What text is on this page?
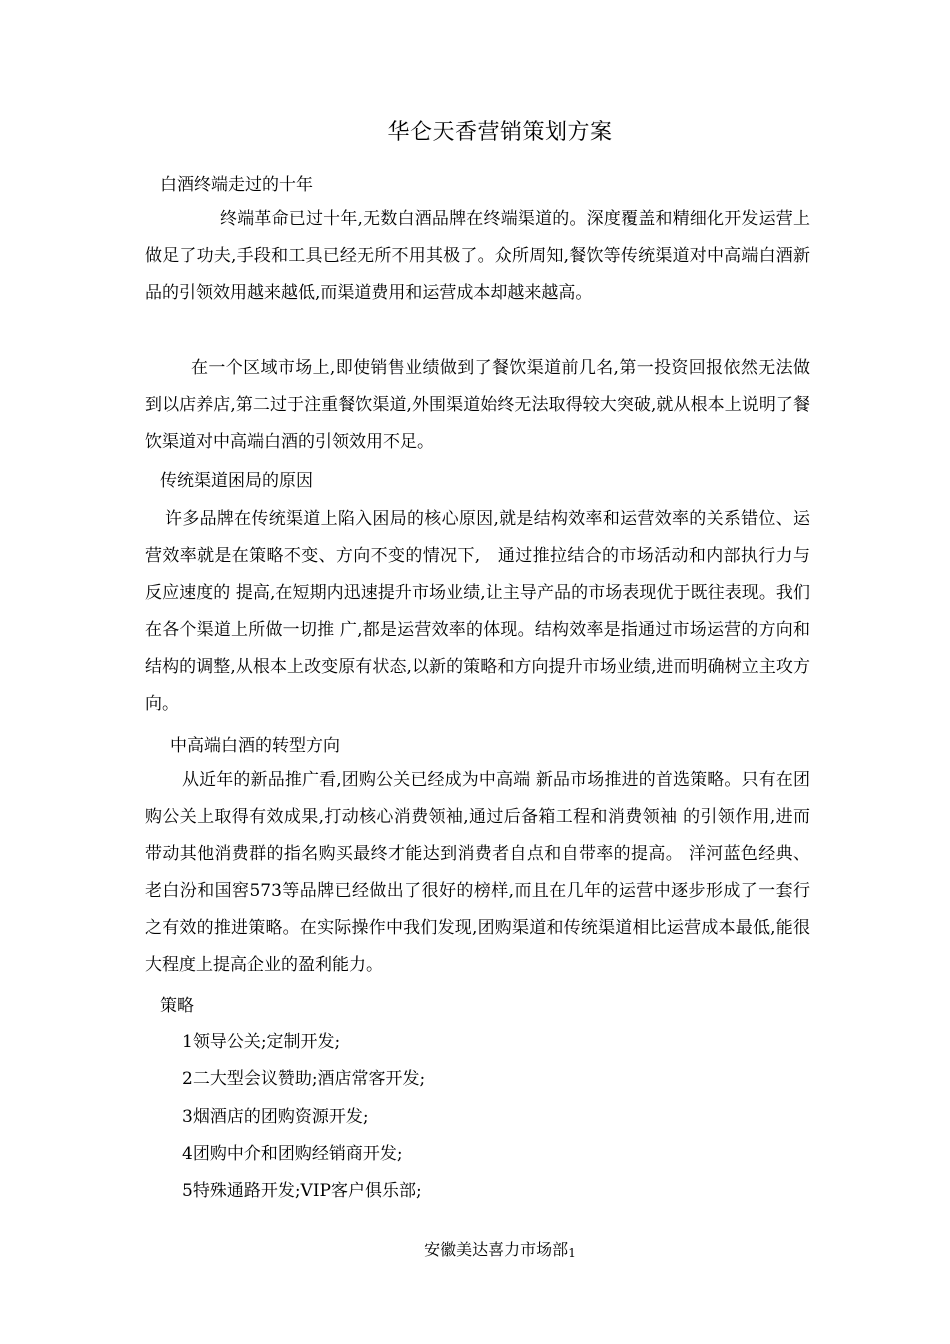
华仑天香营销策划方案
白酒终端走过的十年
终端革命已过十年,无数白酒品牌在终端渠道的。深度覆盖和精细化开发运营上做足了功夫,手段和工具已经无所不用其极了。众所周知,餐饮等传统渠道对中高端白酒新品的引领效用越来越低,而渠道费用和运营成本却越来越高。
在一个区域市场上,即使销售业绩做到了餐饮渠道前几名,第一投资回报依然无法做到以店养店,第二过于注重餐饮渠道,外围渠道始终无法取得较大突破,就从根本上说明了餐饮渠道对中高端白酒的引领效用不足。
传统渠道困局的原因
许多品牌在传统渠道上陷入困局的核心原因,就是结构效率和运营效率的关系错位、运营效率就是在策略不变、方向不变的情况下,　通过推拉结合的市场活动和内部执行力与反应速度的 提高,在短期内迅速提升市场业绩,让主导产品的市场表现优于既往表现。我们在各个渠道上所做一切推 广,都是运营效率的体现。结构效率是指通过市场运营的方向和结构的调整,从根本上改变原有状态,以新的策略和方向提升市场业绩,进而明确树立主攻方向。
中高端白酒的转型方向
从近年的新品推广看,团购公关已经成为中高端 新品市场推进的首选策略。只有在团购公关上取得有效成果,打动核心消费领袖,通过后备箱工程和消费领袖 的引领作用,进而带动其他消费群的指名购买最终才能达到消费者自点和自带率的提高。 洋河蓝色经典、老白汾和国窖573等品牌已经做出了很好的榜样,而且在几年的运营中逐步形成了一套行之有效的推进策略。在实际操作中我们发现,团购渠道和传统渠道相比运营成本最低,能很大程度上提高企业的盈利能力。
策略
1领导公关;定制开发;
2二大型会议赞助;酒店常客开发;
3烟酒店的团购资源开发;
4团购中介和团购经销商开发;
5特殊通路开发;VIP客户俱乐部;
安徽美达喜力市场部1
